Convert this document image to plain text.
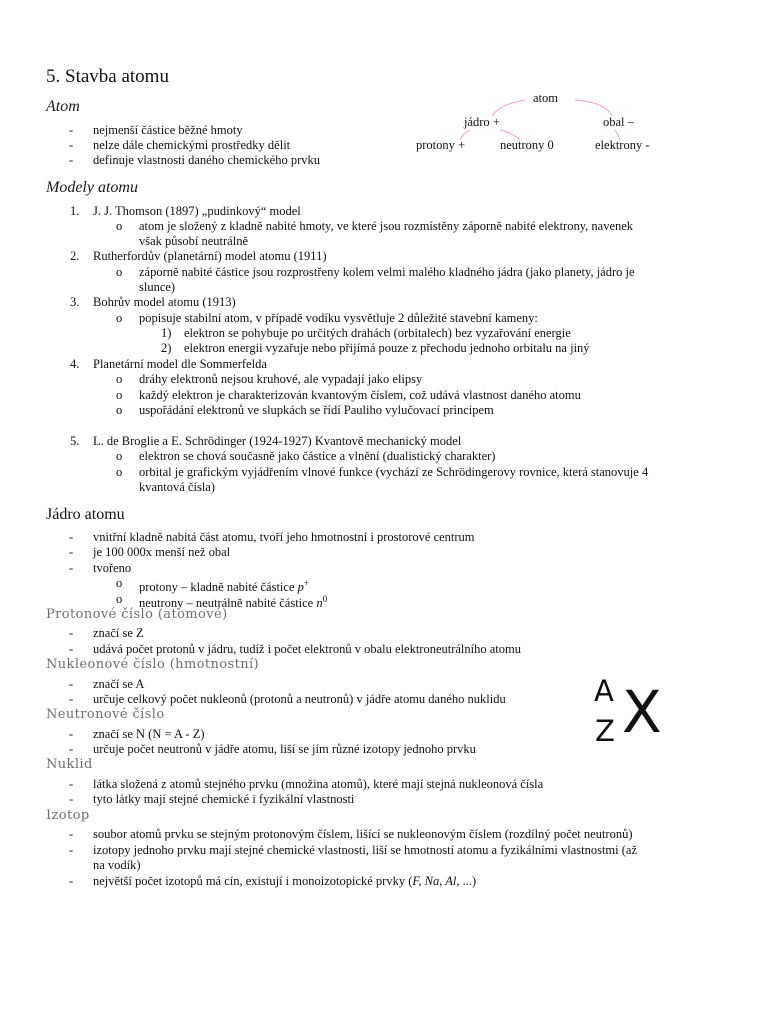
5. Stavba atomu
Atom
- nejmenší částice běžné hmoty
- nelze dále chemickými prostředky dělit
- definuje vlastnosti daného chemického prvku
atom
jádro +	obal –
protony +	neutrony 0	elektrony -
Modely atomu
1. J. J. Thomson (1897) „pudinkový“ model
o atom je složený z kladně nabité hmoty, ve které jsou rozmístěny záporně nabité elektrony, navenek
však působí neutrálně
2. Rutherfordův (planetární) model atomu (1911)
o záporně nabité částice jsou rozprostřeny kolem velmi malého kladného jádra (jako planety, jádro je
slunce)
3. Bohrův model atomu (1913)
o popisuje stabilní atom, v případě vodíku vysvětluje 2 důležité stavební kameny:
1) elektron se pohybuje po určitých drahách (orbitalech) bez vyzařování energie
2) elektron energii vyzařuje nebo přijímá pouze z přechodu jednoho orbitalu na jiný
4. Planetární model dle Sommerfelda
o dráhy elektronů nejsou kruhové, ale vypadají jako elipsy
o každý elektron je charakterizován kvantovým číslem, což udává vlastnost daného atomu
o uspořádání elektronů ve slupkách se řídí Pauliho vylučovací principem
5. L. de Broglie a E. Schrödinger (1924-1927) Kvantově mechanický model
o elektron se chová současně jako částice a vlnění (dualistický charakter)
o orbital je grafickým vyjádřením vlnové funkce (vychází ze Schrödingerovy rovnice, která stanovuje 4
kvantová čísla)
Jádro atomu
- vnitřní kladně nabitá část atomu, tvoří jeho hmotnostní i prostorové centrum
- je 100 000x menší než obal
- tvořeno
o protony – kladně nabité částice p+
o neutrony – neutrálně nabité částice $n^0$
Protonové číslo (atomové)
- značí se Z
- udává počet protonů v jádru, tudíž i počet elektronů v obalu elektroneutrálního atomu
Nukleonové číslo (hmotnostní)
- značí se A
- určuje celkový počet nukleonů (protonů a neutronů) v jádře atomu daného nuklidu
Neutronové číslo
- značí se N (N = A - Z)
- určuje počet neutronů v jádře atomu, liší se jím různé izotopy jednoho prvku
A
Z X
Nuklid
- látka složená z atomů stejného prvku (množina atomů), které mají stejná nukleonová čísla
- tyto látky mají stejné chemické i fyzikální vlastnosti
Izotop
- soubor atomů prvku se stejným protonovým číslem, lišící se nukleonovým číslem (rozdílný počet neutronů)
- izotopy jednoho prvku mají stejné chemické vlastnosti, liší se hmotností atomu a fyzikálními vlastnostmi (až
na vodík)
- největší počet izotopů má cín, existují i monoizotopické prvky (F, Na, Al, ...)
